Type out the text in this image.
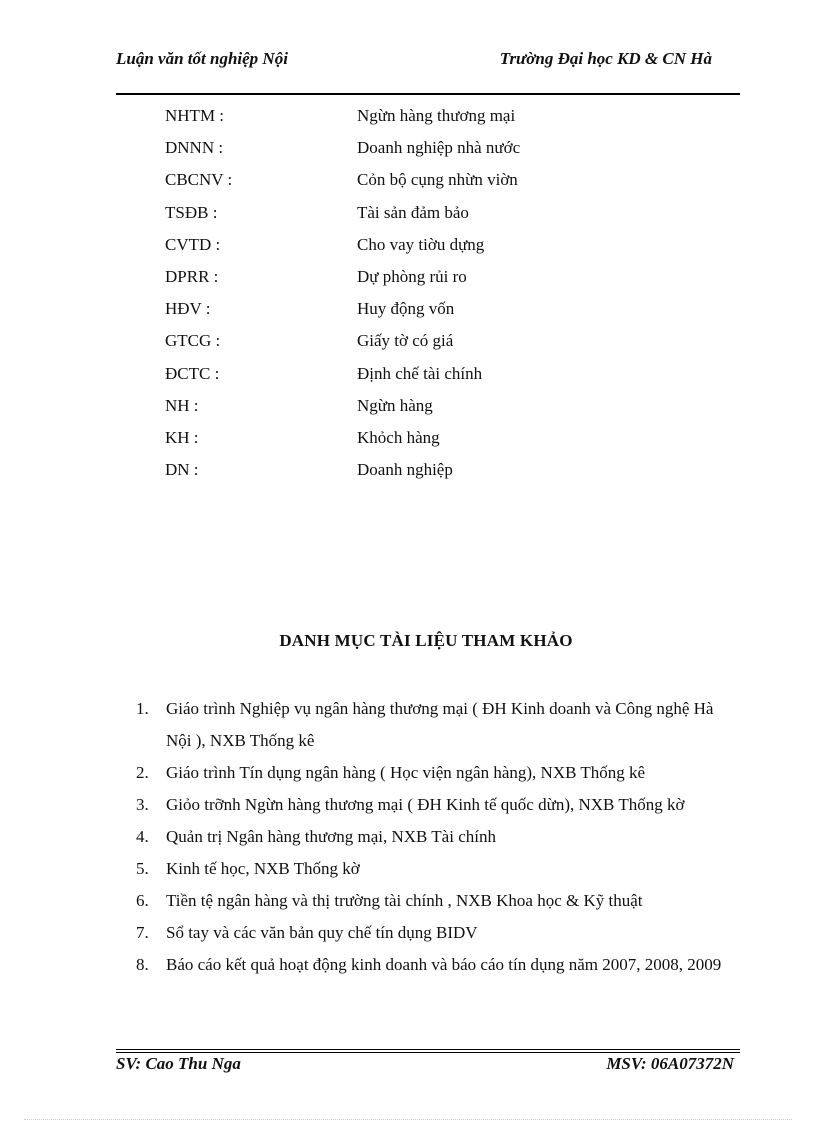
Luận văn tốt nghiệp Nội	Trường Đại học KD & CN Hà
NHTM :	Ngừn hàng thương mại
DNNN :	Doanh nghiệp nhà nước
CBCNV :	Cỏn bộ cụng nhừn viờn
TSĐB :	Tài sản đảm bảo
CVTD :	Cho vay tiờu dựng
DPRR :	Dự phòng rủi ro
HĐV :	Huy động vốn
GTCG :	Giấy tờ có giá
ĐCTC :	Định chế tài chính
NH :	Ngừn hàng
KH :	Khỏch hàng
DN :	Doanh nghiệp
DANH MỤC TÀI LIỆU THAM KHẢO
1. Giáo trình Nghiệp vụ ngân hàng thương mại ( ĐH Kinh doanh và Công nghệ Hà Nội ), NXB Thống kê
2. Giáo trình Tín dụng ngân hàng ( Học viện ngân hàng), NXB Thống kê
3. Giỏo trỡnh Ngừn hàng thương mại ( ĐH Kinh tế quốc dừn), NXB Thống kờ
4. Quản trị Ngân hàng thương mại, NXB Tài chính
5. Kinh tế học, NXB Thống kờ
6. Tiền tệ ngân hàng và thị trường tài chính , NXB Khoa học & Kỹ thuật
7. Sổ tay và các văn bản quy chế tín dụng BIDV
8. Báo cáo kết quả hoạt động kinh doanh và báo cáo tín dụng năm 2007, 2008, 2009
SV: Cao Thu Nga	MSV: 06A07372N
